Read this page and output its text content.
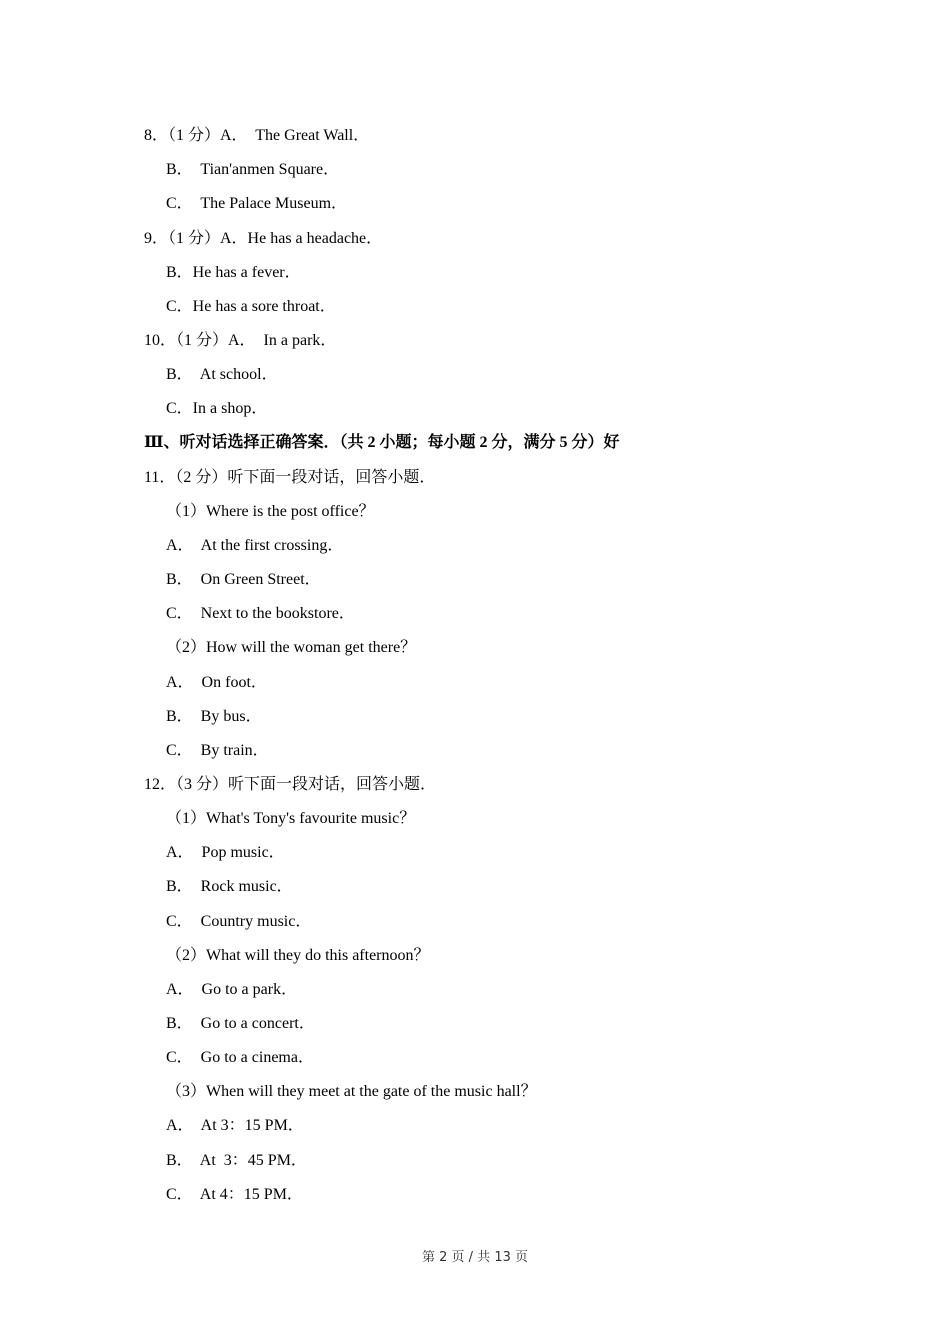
8．（1 分）A．  The Great Wall．
B．  Tian'anmen Square．
C．  The Palace Museum．
9．（1 分）A．He has a headache．
B．He has a fever．
C．He has a sore throat．
10．（1 分）A．  In a park．
B．  At school．
C．In a shop．
Ⅲ、听对话选择正确答案．（共 2 小题；每小题 2 分，满分 5 分）好
11．（2 分）听下面一段对话，回答小题．
（1）Where is the post office？
A．  At the first crossing．
B．  On Green Street．
C．  Next to the bookstore．
（2）How will the woman get there？
A．  On foot．
B．  By bus．
C．  By train．
12．（3 分）听下面一段对话，回答小题．
（1）What's Tony's favourite music？
A．  Pop music．
B．  Rock music．
C．  Country music．
（2）What will they do this afternoon？
A．  Go to a park．
B．  Go to a concert．
C．  Go to a cinema．
（3）When will they meet at the gate of the music hall？
A．  At 3：15 PM．
B．  At  3：45 PM．
C．  At 4：15 PM．
第 2 页 / 共 13 页
